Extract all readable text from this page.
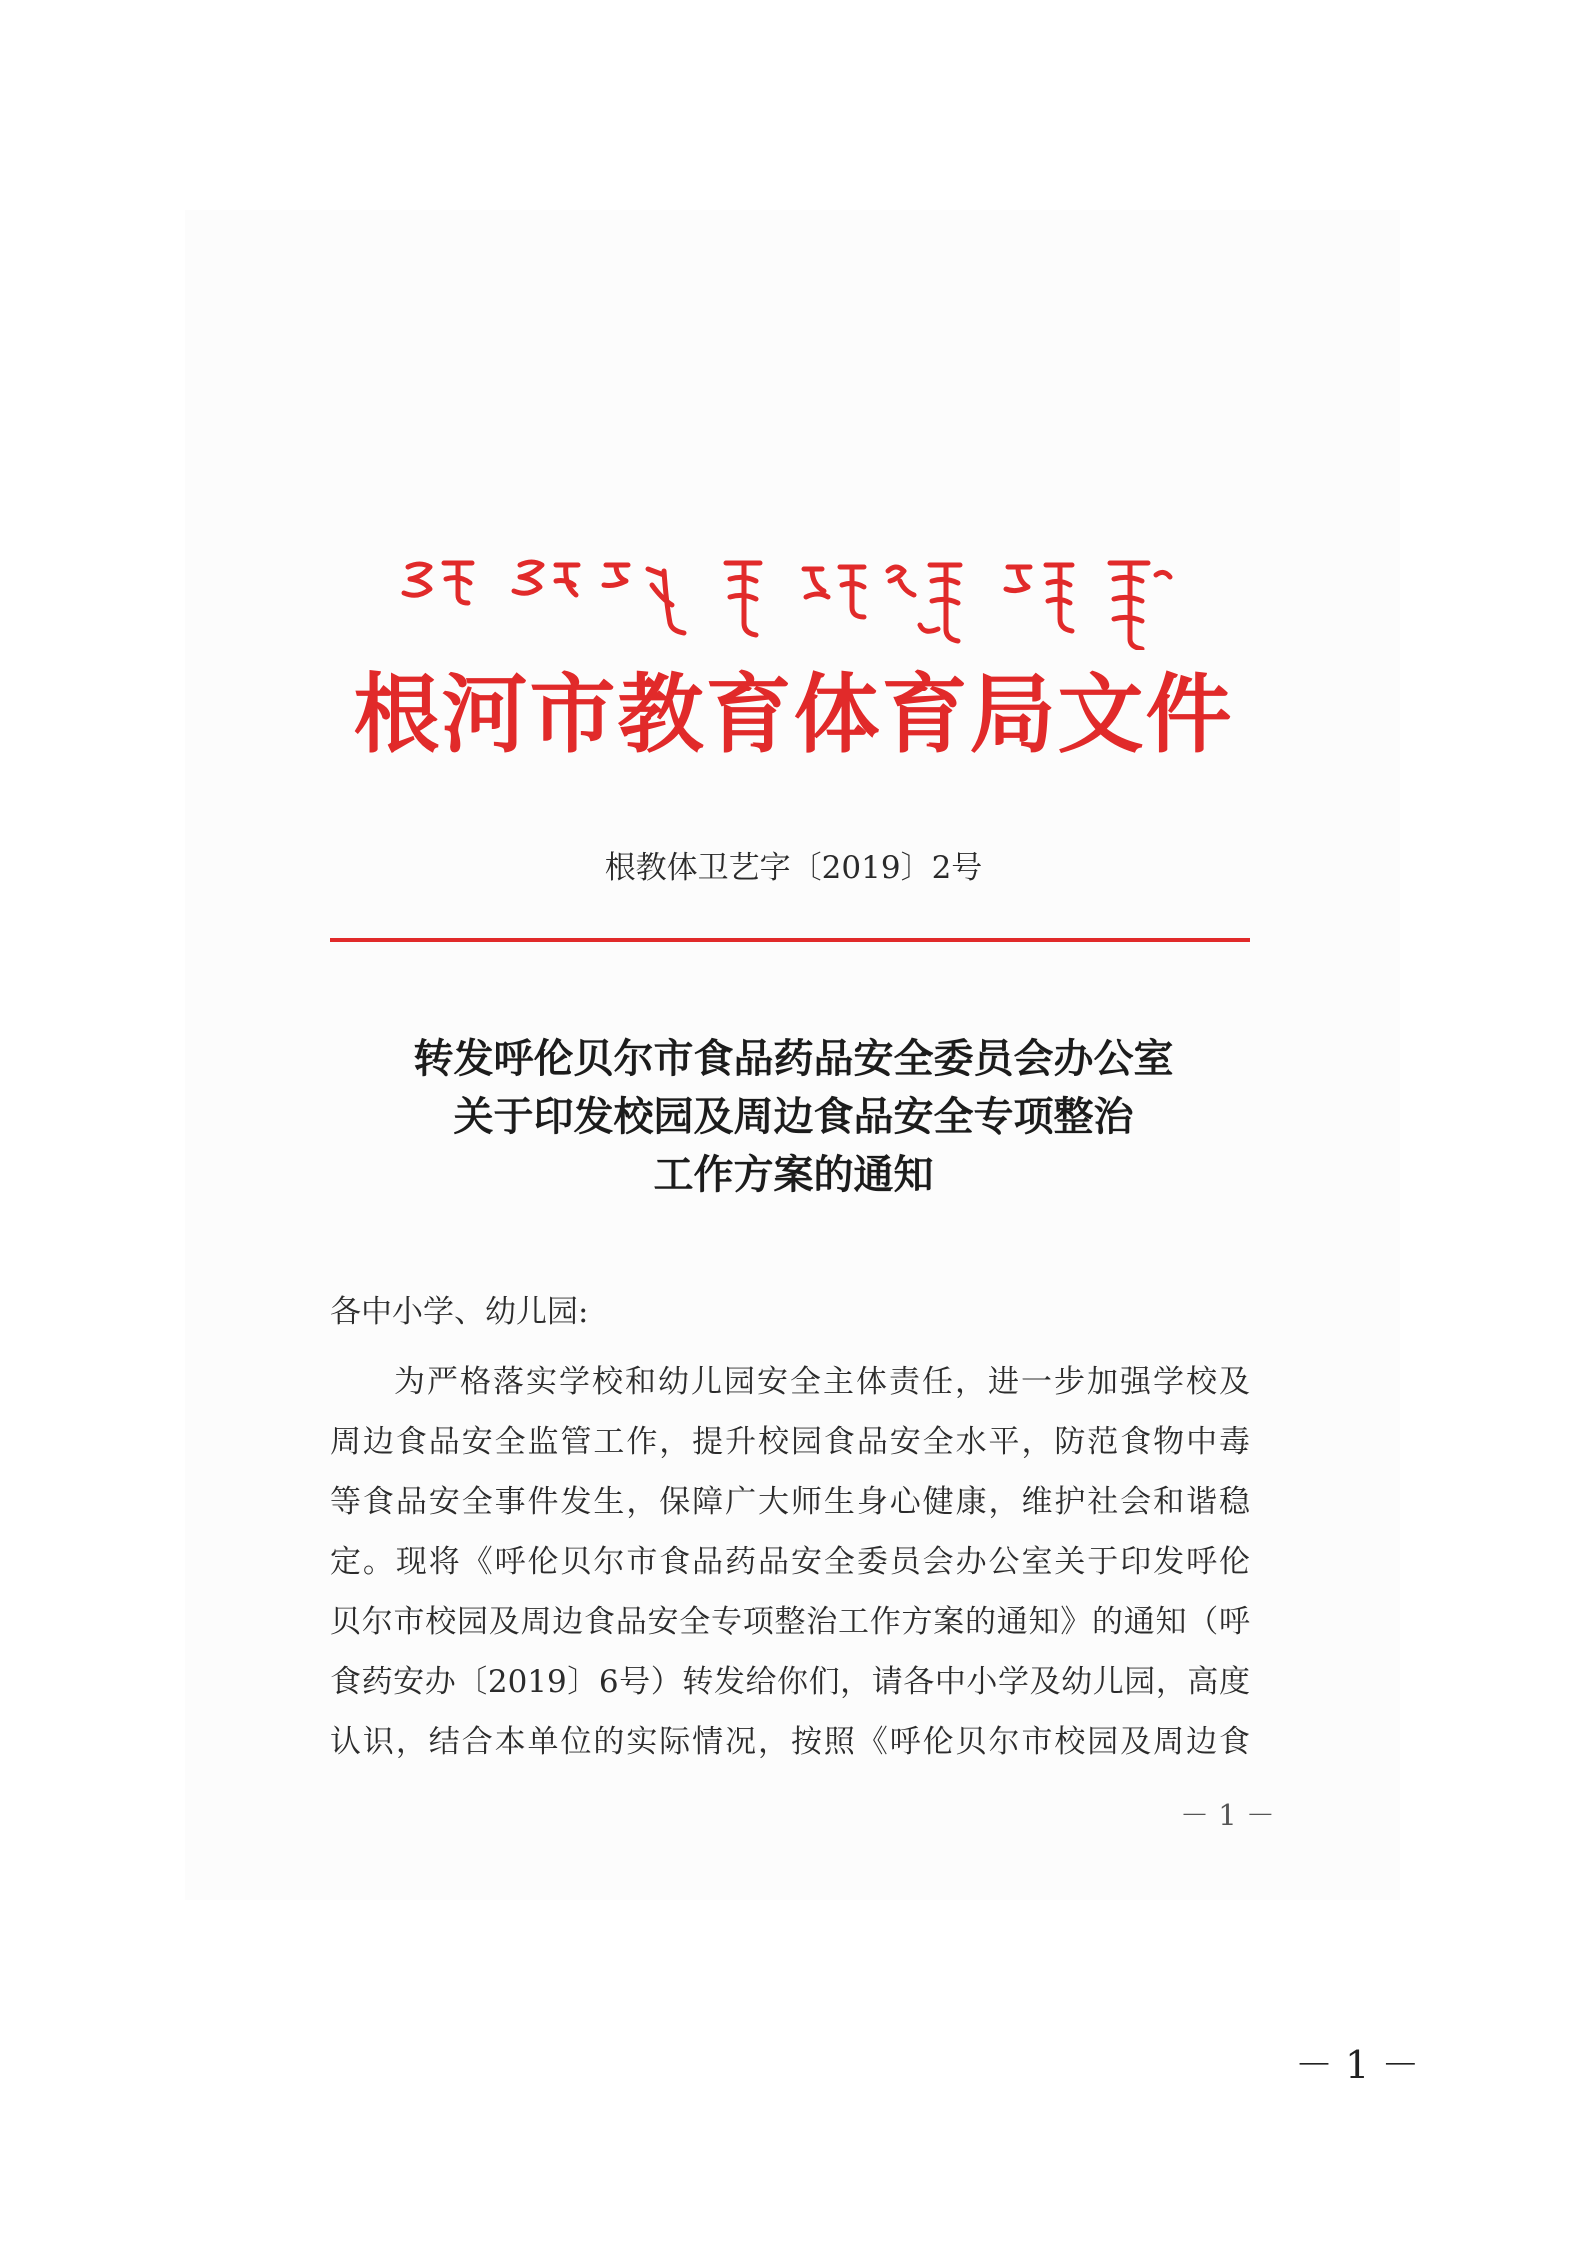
根河市教育体育局文件
根教体卫艺字〔2019〕2号
转发呼伦贝尔市食品药品安全委员会办公室
关于印发校园及周边食品安全专项整治
工作方案的通知
各中小学、幼儿园:
为严格落实学校和幼儿园安全主体责任，进一步加强学校及
周边食品安全监管工作，提升校园食品安全水平，防范食物中毒
等食品安全事件发生，保障广大师生身心健康，维护社会和谐稳
定。现将《呼伦贝尔市食品药品安全委员会办公室关于印发呼伦
贝尔市校园及周边食品安全专项整治工作方案的通知》的通知（呼
食药安办〔2019〕6号）转发给你们，请各中小学及幼儿园，高度
认识，结合本单位的实际情况，按照《呼伦贝尔市校园及周边食
－ 1 －
－ 1 －
